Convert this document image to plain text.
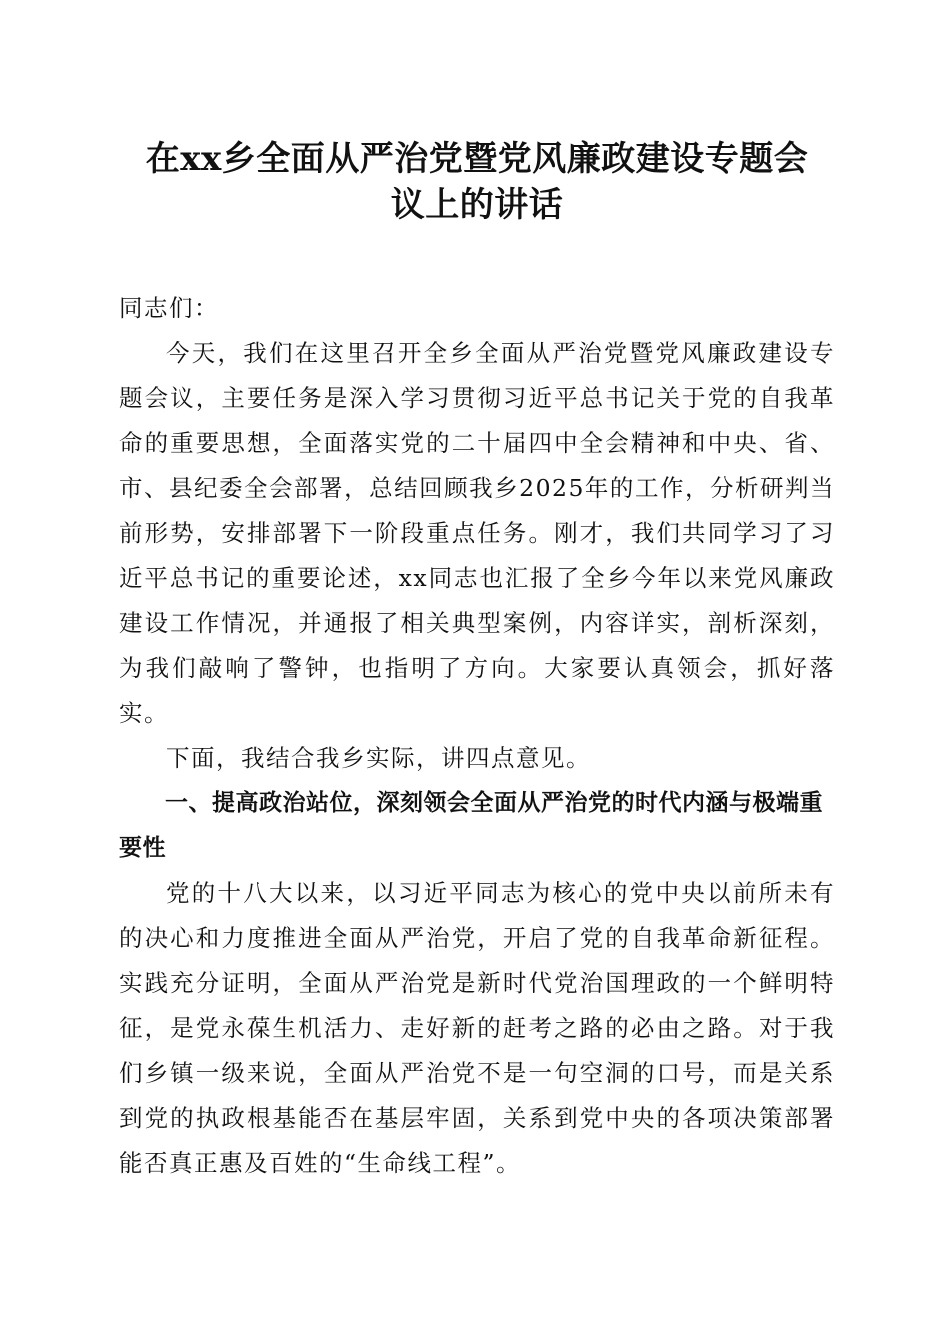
在xx乡全面从严治党暨党风廉政建设专题会
议上的讲话

同志们：

今天，我们在这里召开全乡全面从严治党暨党风廉政建设专题会议，主要任务是深入学习贯彻习近平总书记关于党的自我革命的重要思想，全面落实党的二十届四中全会精神和中央、省、市、县纪委全会部署，总结回顾我乡2025年的工作，分析研判当前形势，安排部署下一阶段重点任务。刚才，我们共同学习了习近平总书记的重要论述，xx同志也汇报了全乡今年以来党风廉政建设工作情况，并通报了相关典型案例，内容详实，剖析深刻，为我们敲响了警钟，也指明了方向。大家要认真领会，抓好落实。

下面，我结合我乡实际，讲四点意见。

一、提高政治站位，深刻领会全面从严治党的时代内涵与极端重要性

党的十八大以来，以习近平同志为核心的党中央以前所未有的决心和力度推进全面从严治党，开启了党的自我革命新征程。实践充分证明，全面从严治党是新时代党治国理政的一个鲜明特征，是党永葆生机活力、走好新的赶考之路的必由之路。对于我们乡镇一级来说，全面从严治党不是一句空洞的口号，而是关系到党的执政根基能否在基层牢固，关系到党中央的各项决策部署能否真正惠及百姓的“生命线工程”。
